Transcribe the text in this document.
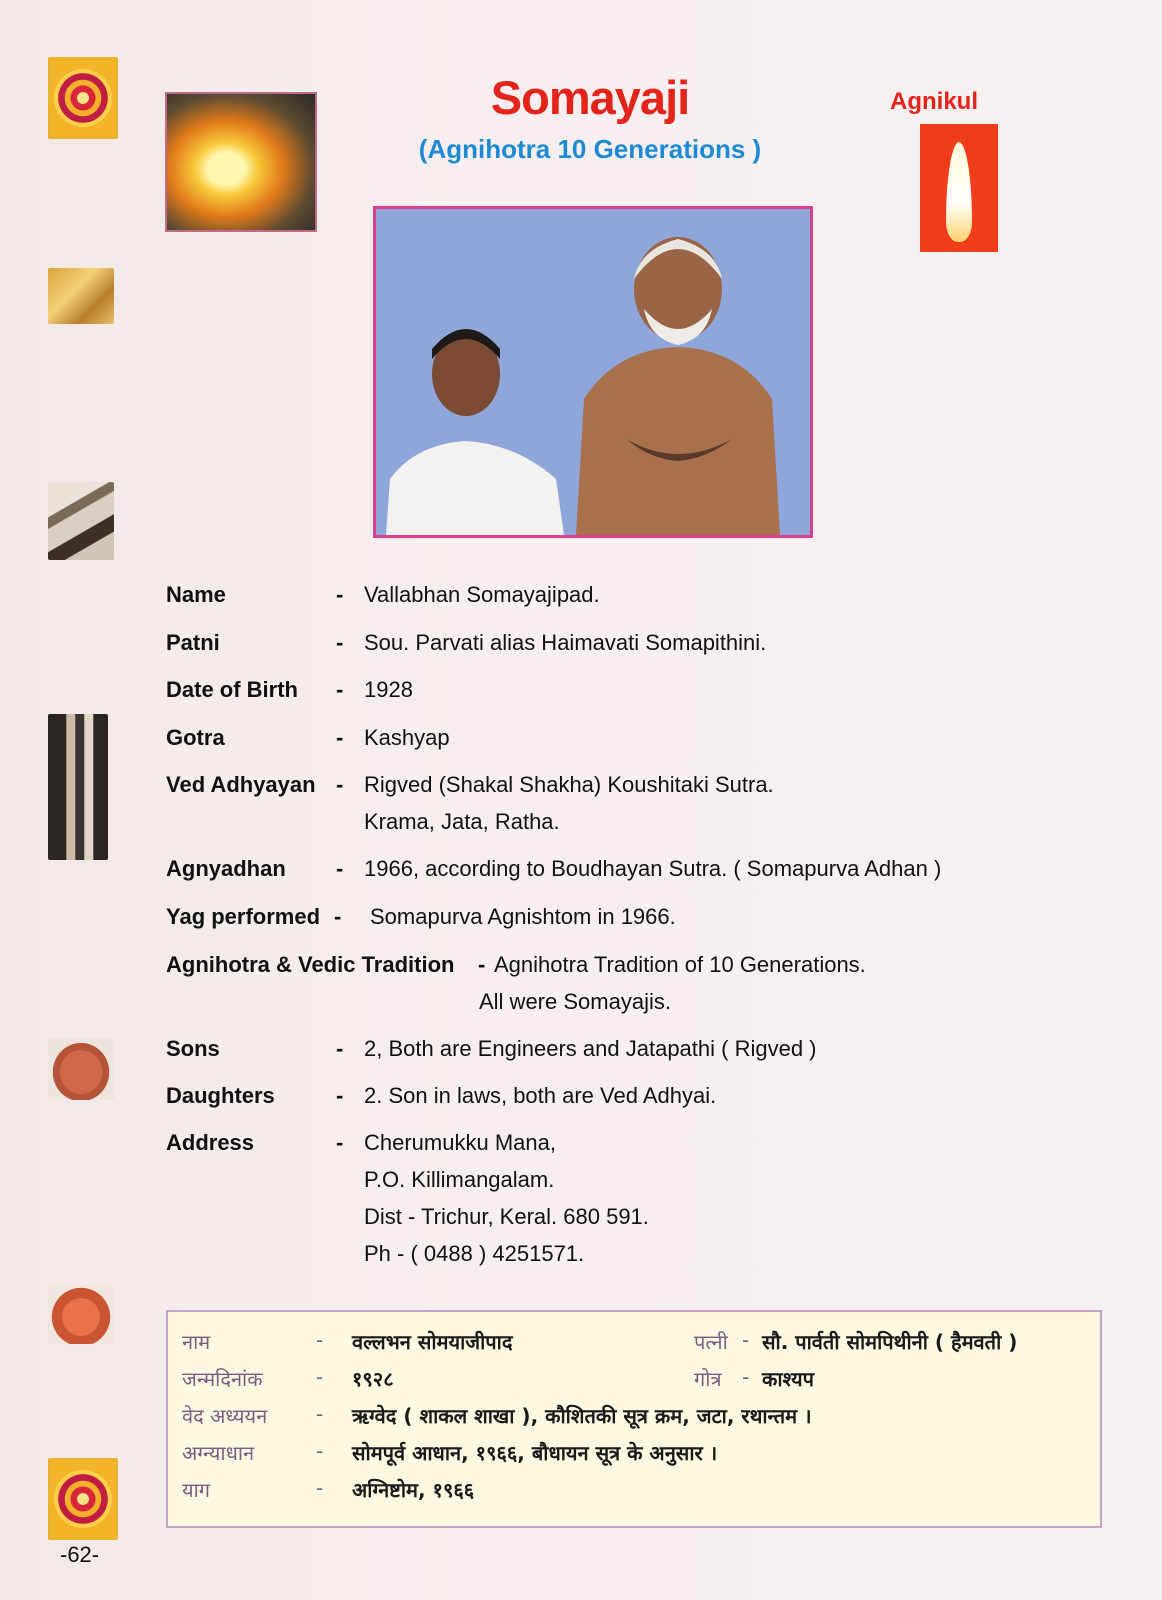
Somayaji
(Agnihotra 10 Generations )
Agnikul
Name	- Vallabhan Somayajipad.
Patni	- Sou. Parvati alias Haimavati Somapithini.
Date of Birth - 1928
Gotra	- Kashyap
Ved Adhyayan - Rigved (Shakal Shakha) Koushitaki Sutra.
Krama, Jata, Ratha.
Agnyadhan - 1966, according to Boudhayan Sutra. ( Somapurva Adhan )
Yag performed - Somapurva Agnishtom in 1966.
Agnihotra & Vedic Tradition - Agnihotra Tradition of 10 Generations.
All were Somayajis.
Sons	- 2, Both are Engineers and Jatapathi ( Rigved )
Daughters	- 2. Son in laws, both are Ved Adhyai.
Address	- Cherumukku Mana,
P.O. Killimangalam.
Dist - Trichur, Keral. 680 591.
Ph - ( 0488 ) 4251571.
नाम	- वल्लभन सोमयाजीपाद	पत्नी - सौ. पार्वती सोमपिथीनी ( हैमवती )
जन्मदिनांक	- १९२८	गोत्र - काश्यप
वेद अध्ययन - ऋग्वेद ( शाकल शाखा ), कौशितकी सूत्र क्रम, जटा, रथान्तम ।
अग्न्याधान	- सोमपूर्व आधान, १९६६, बौधायन सूत्र के अनुसार ।
याग	- अग्निष्टोम, १९६६
-62-
